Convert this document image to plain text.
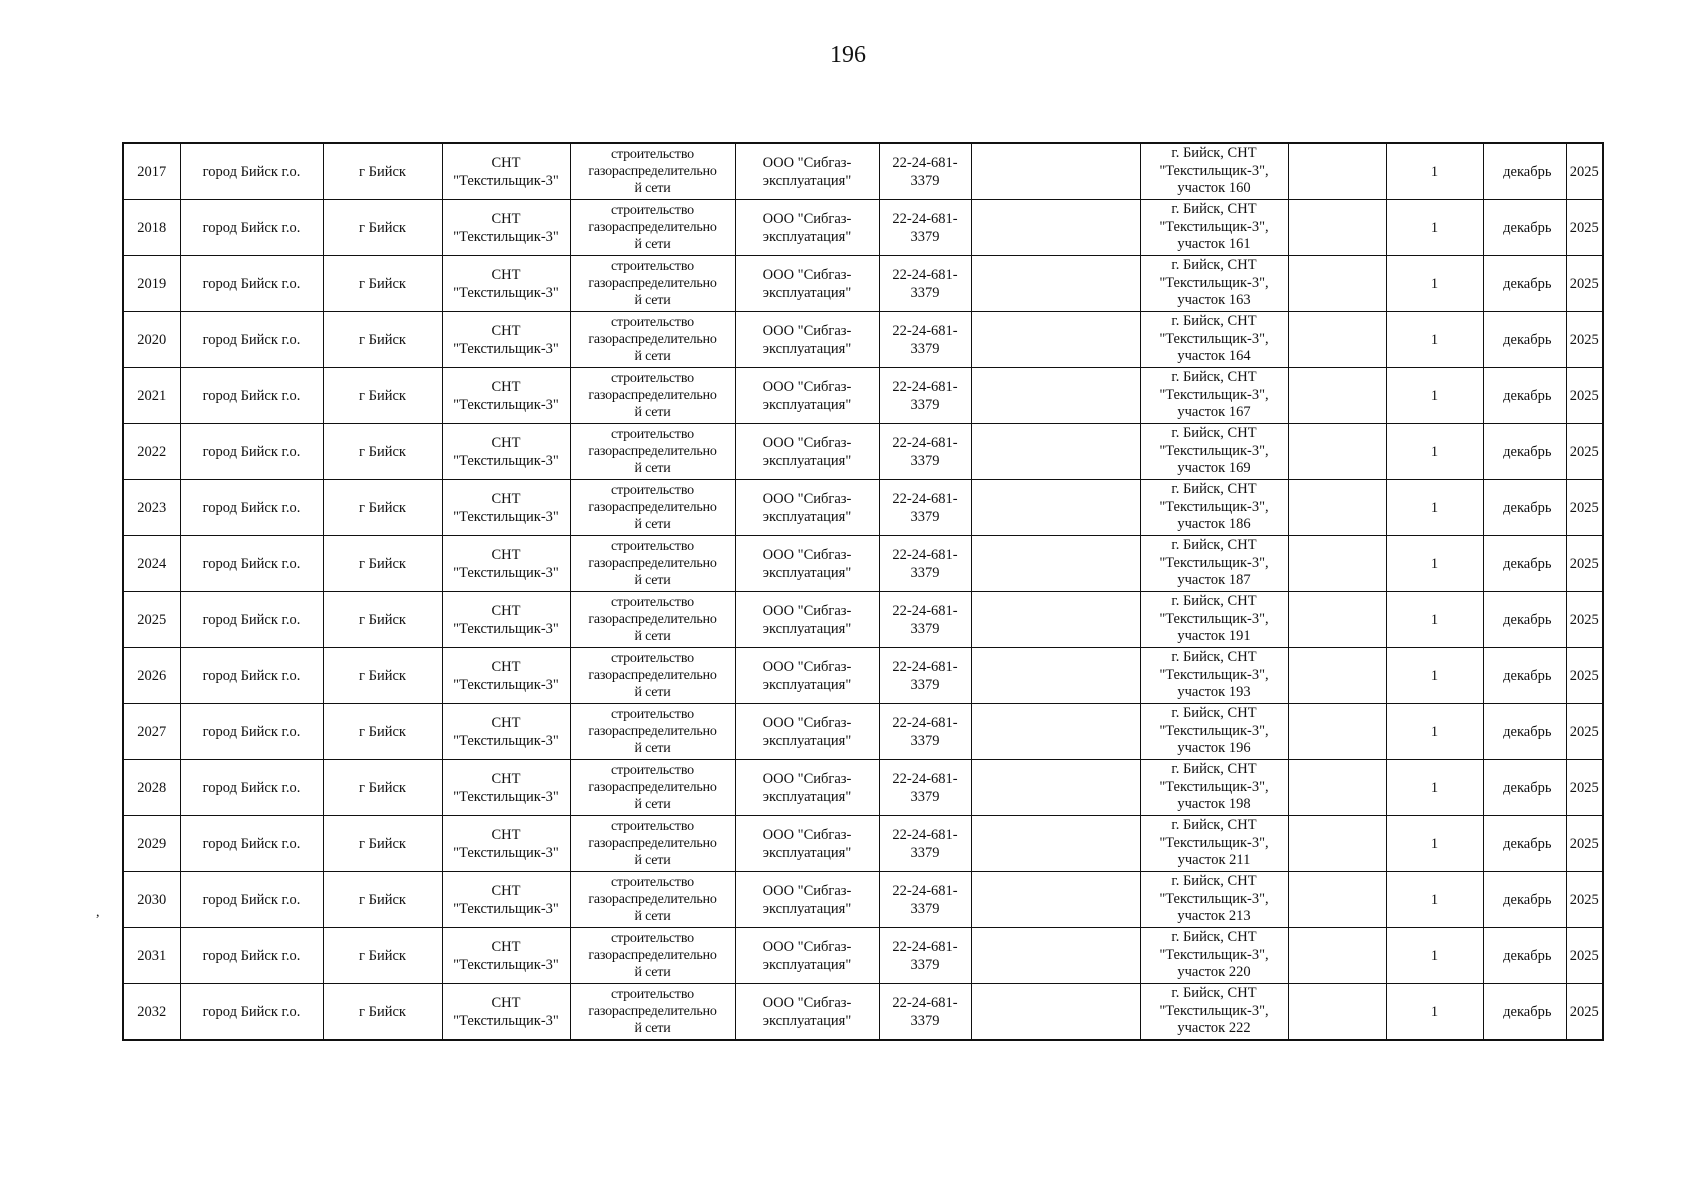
196
,
2017	город Бийск г.о.	г Бийск	СНТ
"Текстильщик-3"	строительство
газораспределительно
й сети	ООО "Сибгаз-
эксплуатация"	22-24-681-
3379		г. Бийск, СНТ
"Текстильщик-3",
участок 160		1	декабрь	2025
2018	город Бийск г.о.	г Бийск	СНТ
"Текстильщик-3"	строительство
газораспределительно
й сети	ООО "Сибгаз-
эксплуатация"	22-24-681-
3379		г. Бийск, СНТ
"Текстильщик-3",
участок 161		1	декабрь	2025
2019	город Бийск г.о.	г Бийск	СНТ
"Текстильщик-3"	строительство
газораспределительно
й сети	ООО "Сибгаз-
эксплуатация"	22-24-681-
3379		г. Бийск, СНТ
"Текстильщик-3",
участок 163		1	декабрь	2025
2020	город Бийск г.о.	г Бийск	СНТ
"Текстильщик-3"	строительство
газораспределительно
й сети	ООО "Сибгаз-
эксплуатация"	22-24-681-
3379		г. Бийск, СНТ
"Текстильщик-3",
участок 164		1	декабрь	2025
2021	город Бийск г.о.	г Бийск	СНТ
"Текстильщик-3"	строительство
газораспределительно
й сети	ООО "Сибгаз-
эксплуатация"	22-24-681-
3379		г. Бийск, СНТ
"Текстильщик-3",
участок 167		1	декабрь	2025
2022	город Бийск г.о.	г Бийск	СНТ
"Текстильщик-3"	строительство
газораспределительно
й сети	ООО "Сибгаз-
эксплуатация"	22-24-681-
3379		г. Бийск, СНТ
"Текстильщик-3",
участок 169		1	декабрь	2025
2023	город Бийск г.о.	г Бийск	СНТ
"Текстильщик-3"	строительство
газораспределительно
й сети	ООО "Сибгаз-
эксплуатация"	22-24-681-
3379		г. Бийск, СНТ
"Текстильщик-3",
участок 186		1	декабрь	2025
2024	город Бийск г.о.	г Бийск	СНТ
"Текстильщик-3"	строительство
газораспределительно
й сети	ООО "Сибгаз-
эксплуатация"	22-24-681-
3379		г. Бийск, СНТ
"Текстильщик-3",
участок 187		1	декабрь	2025
2025	город Бийск г.о.	г Бийск	СНТ
"Текстильщик-3"	строительство
газораспределительно
й сети	ООО "Сибгаз-
эксплуатация"	22-24-681-
3379		г. Бийск, СНТ
"Текстильщик-3",
участок 191		1	декабрь	2025
2026	город Бийск г.о.	г Бийск	СНТ
"Текстильщик-3"	строительство
газораспределительно
й сети	ООО "Сибгаз-
эксплуатация"	22-24-681-
3379		г. Бийск, СНТ
"Текстильщик-3",
участок 193		1	декабрь	2025
2027	город Бийск г.о.	г Бийск	СНТ
"Текстильщик-3"	строительство
газораспределительно
й сети	ООО "Сибгаз-
эксплуатация"	22-24-681-
3379		г. Бийск, СНТ
"Текстильщик-3",
участок 196		1	декабрь	2025
2028	город Бийск г.о.	г Бийск	СНТ
"Текстильщик-3"	строительство
газораспределительно
й сети	ООО "Сибгаз-
эксплуатация"	22-24-681-
3379		г. Бийск, СНТ
"Текстильщик-3",
участок 198		1	декабрь	2025
2029	город Бийск г.о.	г Бийск	СНТ
"Текстильщик-3"	строительство
газораспределительно
й сети	ООО "Сибгаз-
эксплуатация"	22-24-681-
3379		г. Бийск, СНТ
"Текстильщик-3",
участок 211		1	декабрь	2025
2030	город Бийск г.о.	г Бийск	СНТ
"Текстильщик-3"	строительство
газораспределительно
й сети	ООО "Сибгаз-
эксплуатация"	22-24-681-
3379		г. Бийск, СНТ
"Текстильщик-3",
участок 213		1	декабрь	2025
2031	город Бийск г.о.	г Бийск	СНТ
"Текстильщик-3"	строительство
газораспределительно
й сети	ООО "Сибгаз-
эксплуатация"	22-24-681-
3379		г. Бийск, СНТ
"Текстильщик-3",
участок 220		1	декабрь	2025
2032	город Бийск г.о.	г Бийск	СНТ
"Текстильщик-3"	строительство
газораспределительно
й сети	ООО "Сибгаз-
эксплуатация"	22-24-681-
3379		г. Бийск, СНТ
"Текстильщик-3",
участок 222		1	декабрь	2025
